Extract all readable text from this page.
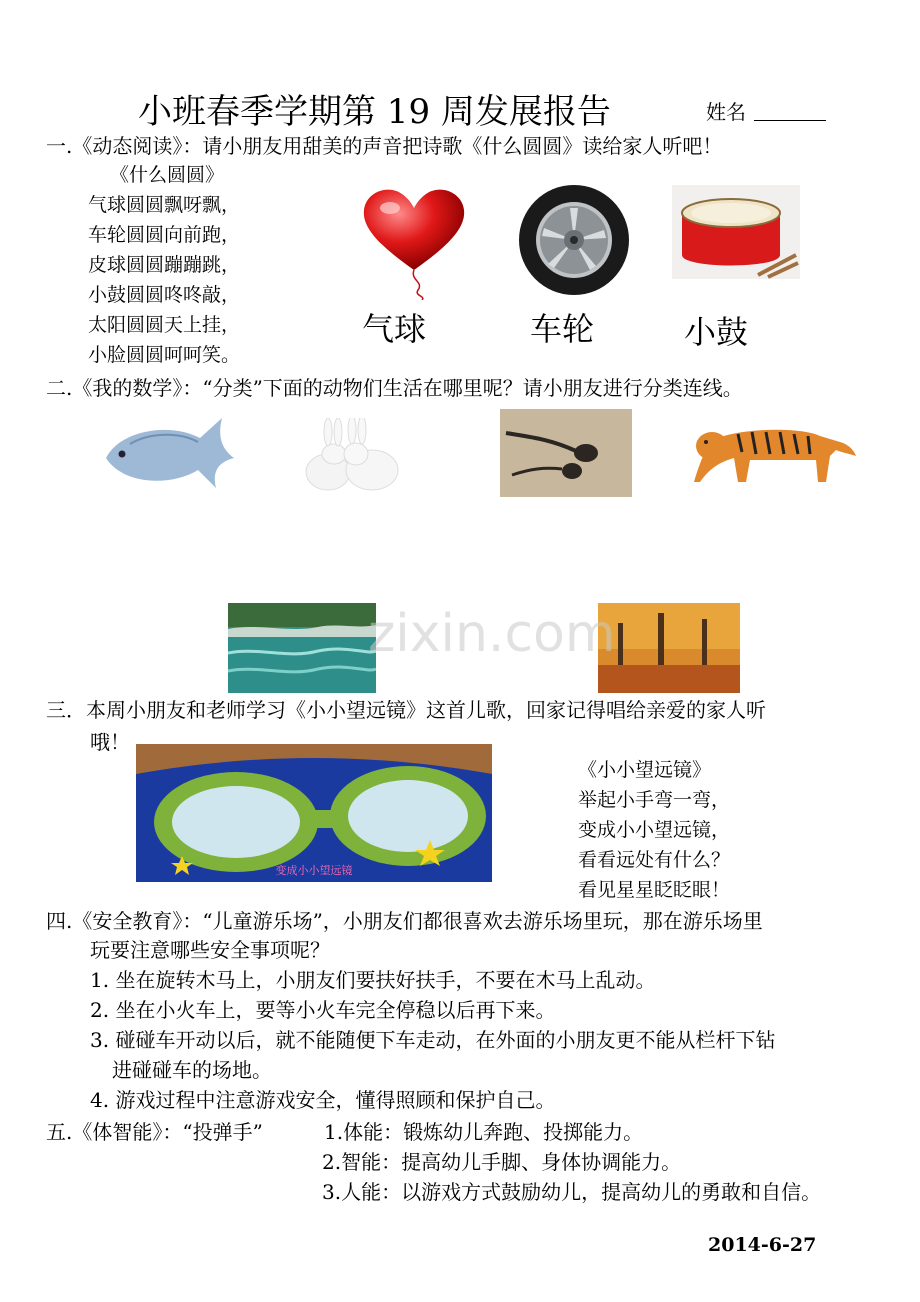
小班春季学期第 19 周发展报告	姓名
一.《动态阅读》：请小朋友用甜美的声音把诗歌《什么圆圆》读给家人听吧！
《什么圆圆》
气球圆圆飘呀飘，
车轮圆圆向前跑，
皮球圆圆蹦蹦跳，
小鼓圆圆咚咚敲，
太阳圆圆天上挂，
小脸圆圆呵呵笑。
气球	车轮	小鼓
二.《我的数学》：“分类”下面的动物们生活在哪里呢？请小朋友进行分类连线。
zixin.com
三．本周小朋友和老师学习《小小望远镜》这首儿歌，回家记得唱给亲爱的家人听
哦！
变成小小望远镜
《小小望远镜》
举起小手弯一弯，
变成小小望远镜，
看看远处有什么？
看见星星眨眨眼！
四.《安全教育》：“儿童游乐场”，小朋友们都很喜欢去游乐场里玩，那在游乐场里
玩要注意哪些安全事项呢？
1. 坐在旋转木马上，小朋友们要扶好扶手，不要在木马上乱动。
2. 坐在小火车上，要等小火车完全停稳以后再下来。
3. 碰碰车开动以后，就不能随便下车走动，在外面的小朋友更不能从栏杆下钻
进碰碰车的场地。
4. 游戏过程中注意游戏安全，懂得照顾和保护自己。
五.《体智能》：“投弹手”	1.体能：锻炼幼儿奔跑、投掷能力。
2.智能：提高幼儿手脚、身体协调能力。
3.人能：以游戏方式鼓励幼儿，提高幼儿的勇敢和自信。
2014-6-27
